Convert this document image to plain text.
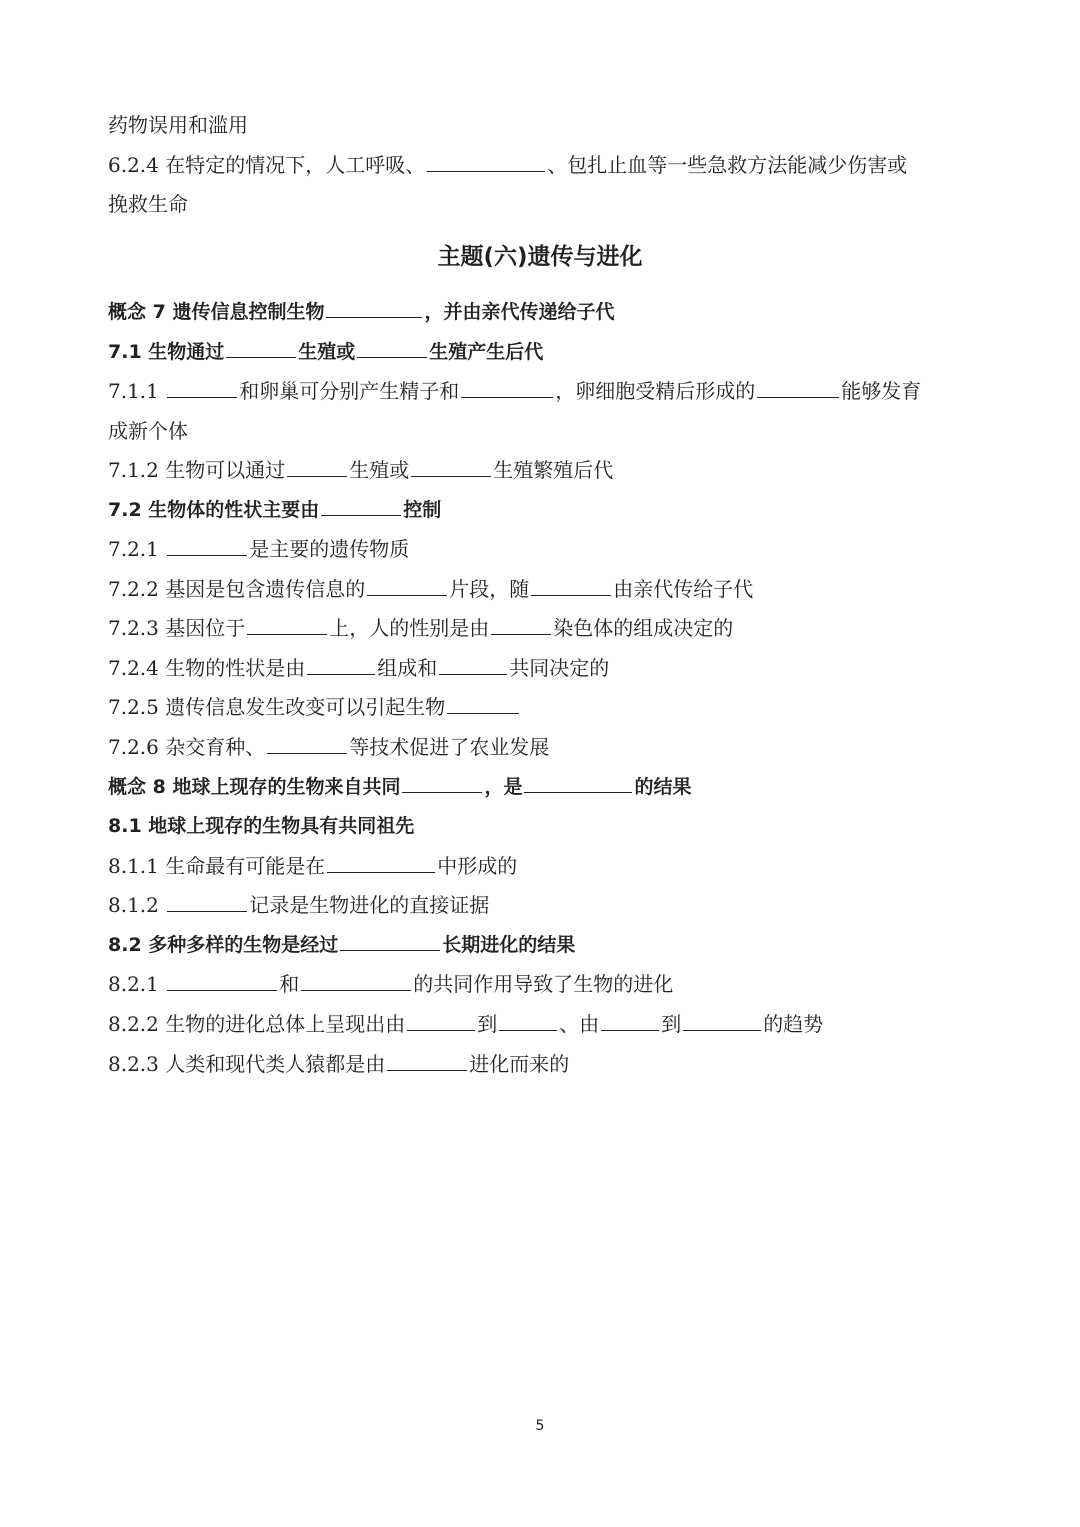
药物误用和滥用
6.2.4 在特定的情况下，人工呼吸、	、包扎止血等一些急救方法能减少伤害或
挽救生命
主题(六)遗传与进化
概念 7 遗传信息控制生物	，并由亲代传递给子代
7.1 生物通过	生殖或	生殖产生后代
7.1.1	和卵巢可分别产生精子和	，卵细胞受精后形成的	能够发育
成新个体
7.1.2 生物可以通过	生殖或	生殖繁殖后代
7.2 生物体的性状主要由	控制
7.2.1	是主要的遗传物质
7.2.2 基因是包含遗传信息的	片段，随	由亲代传给子代
7.2.3 基因位于	上，人的性别是由	染色体的组成决定的
7.2.4 生物的性状是由	组成和	共同决定的
7.2.5 遗传信息发生改变可以引起生物
7.2.6 杂交育种、	等技术促进了农业发展
概念 8 地球上现存的生物来自共同	，是	的结果
8.1 地球上现存的生物具有共同祖先
8.1.1 生命最有可能是在	中形成的
8.1.2	记录是生物进化的直接证据
8.2 多种多样的生物是经过	长期进化的结果
8.2.1	和	的共同作用导致了生物的进化
8.2.2 生物的进化总体上呈现出由	到	、由	到	的趋势
8.2.3 人类和现代类人猿都是由	进化而来的
5
